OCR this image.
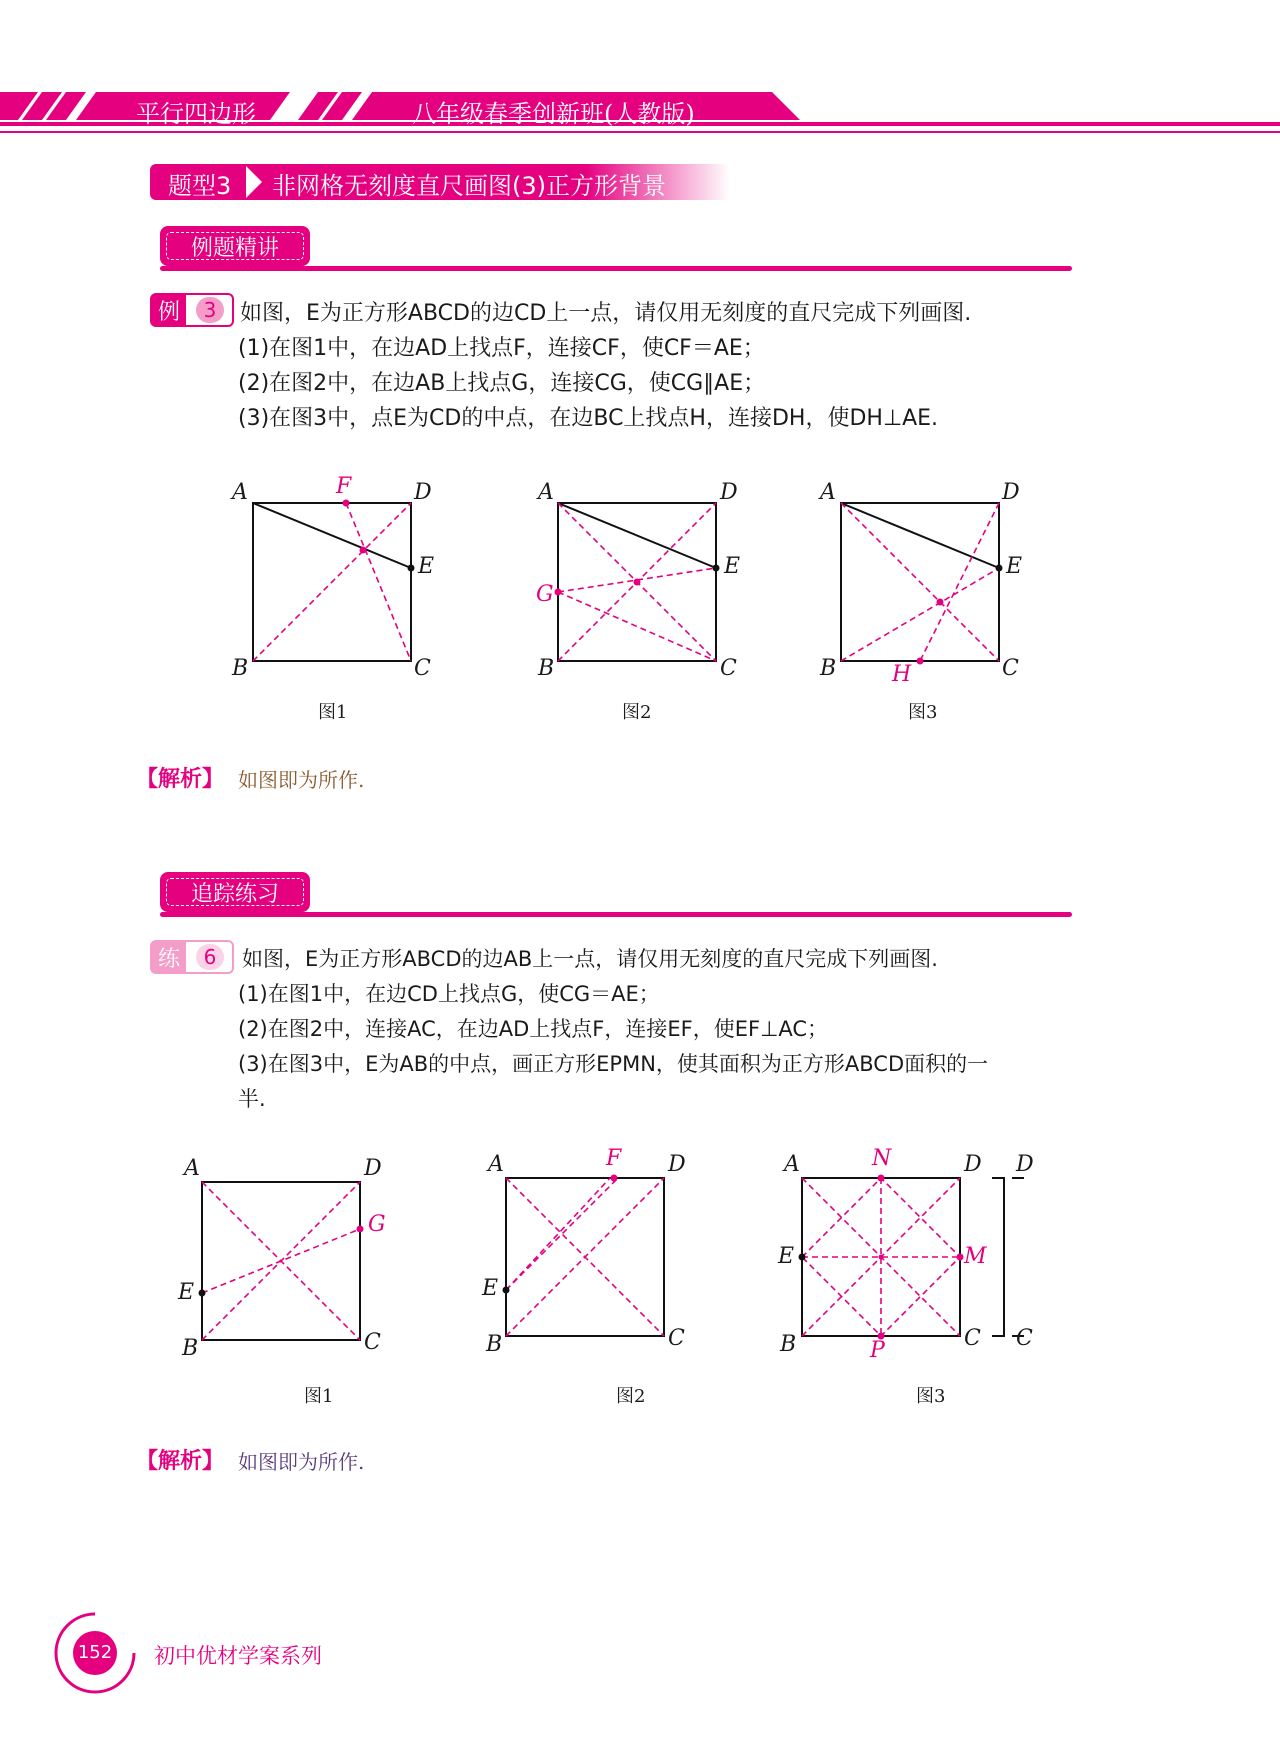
平行四边形	八年级春季创新班(人教版)
题型3 非网格无刻度直尺画图(3)正方形背景
例题精讲
例	3	如图，E为正方形ABCD的边CD上一点，请仅用无刻度的直尺完成下列画图.
(1)在图1中，在边AD上找点F，连接CF，使CF＝AE；
(2)在图2中，在边AB上找点G，连接CG，使CG∥AE；
(3)在图3中，点E为CD的中点，在边BC上找点H，连接DH，使DH⊥AE.
A	F	D
E
B	C
图1
A	D
E
G
B	C
图2
A	D
E
B	H	C
图3
【解析】 如图即为所作.
追踪练习
练	6	如图，E为正方形ABCD的边AB上一点，请仅用无刻度的直尺完成下列画图.
(1)在图1中，在边CD上找点G，使CG＝AE；
(2)在图2中，连接AC，在边AD上找点F，连接EF，使EF⊥AC；
(3)在图3中，E为AB的中点，画正方形EPMN，使其面积为正方形ABCD面积的一
半.
A	D
G
E
B	C
图1
A	F D
E
B	C
图2
A	N	D D
E	M
B	P	C C
图3
【解析】 如图即为所作.
152	初中优材学案系列
